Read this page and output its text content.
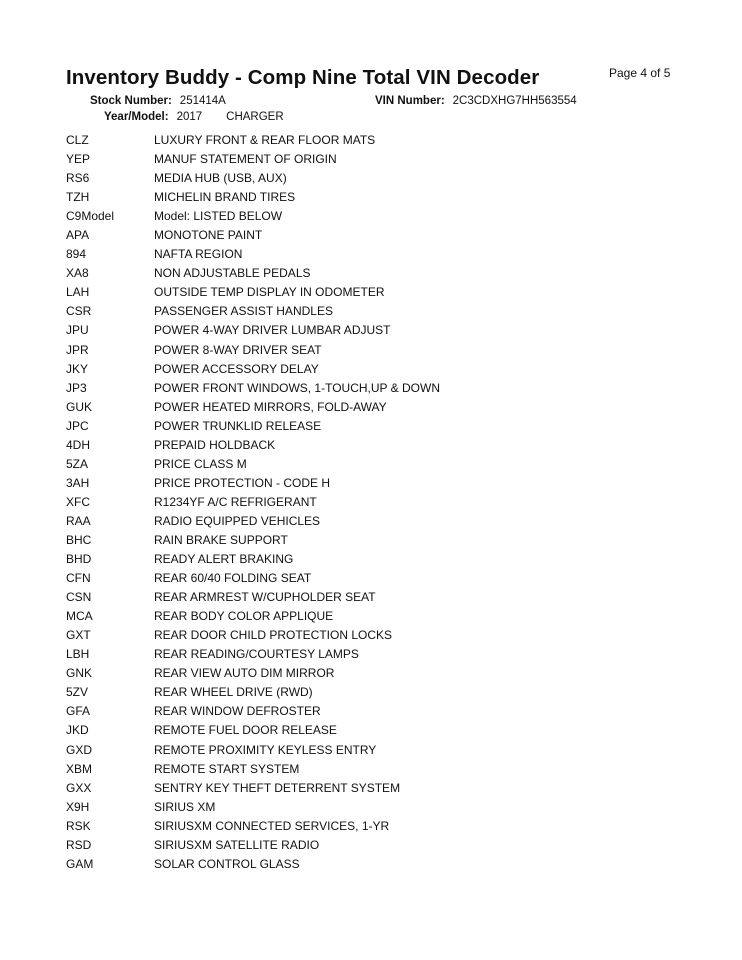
Inventory Buddy - Comp Nine Total VIN Decoder	Page 4 of 5
Stock Number: 251414A
Year/Model: 2017 CHARGER
VIN Number: 2C3CDXHG7HH563554
CLZ	LUXURY FRONT & REAR FLOOR MATS
YEP	MANUF STATEMENT OF ORIGIN
RS6	MEDIA HUB (USB, AUX)
TZH	MICHELIN BRAND TIRES
C9Model	Model: LISTED BELOW
APA	MONOTONE PAINT
894	NAFTA REGION
XA8	NON ADJUSTABLE PEDALS
LAH	OUTSIDE TEMP DISPLAY IN ODOMETER
CSR	PASSENGER ASSIST HANDLES
JPU	POWER 4-WAY DRIVER LUMBAR ADJUST
JPR	POWER 8-WAY DRIVER SEAT
JKY	POWER ACCESSORY DELAY
JP3	POWER FRONT WINDOWS, 1-TOUCH,UP & DOWN
GUK	POWER HEATED MIRRORS, FOLD-AWAY
JPC	POWER TRUNKLID RELEASE
4DH	PREPAID HOLDBACK
5ZA	PRICE CLASS M
3AH	PRICE PROTECTION - CODE H
XFC	R1234YF A/C REFRIGERANT
RAA	RADIO EQUIPPED VEHICLES
BHC	RAIN BRAKE SUPPORT
BHD	READY ALERT BRAKING
CFN	REAR 60/40 FOLDING SEAT
CSN	REAR ARMREST W/CUPHOLDER SEAT
MCA	REAR BODY COLOR APPLIQUE
GXT	REAR DOOR CHILD PROTECTION LOCKS
LBH	REAR READING/COURTESY LAMPS
GNK	REAR VIEW AUTO DIM MIRROR
5ZV	REAR WHEEL DRIVE (RWD)
GFA	REAR WINDOW DEFROSTER
JKD	REMOTE FUEL DOOR RELEASE
GXD	REMOTE PROXIMITY KEYLESS ENTRY
XBM	REMOTE START SYSTEM
GXX	SENTRY KEY THEFT DETERRENT SYSTEM
X9H	SIRIUS XM
RSK	SIRIUSXM CONNECTED SERVICES, 1-YR
RSD	SIRIUSXM SATELLITE RADIO
GAM	SOLAR CONTROL GLASS
